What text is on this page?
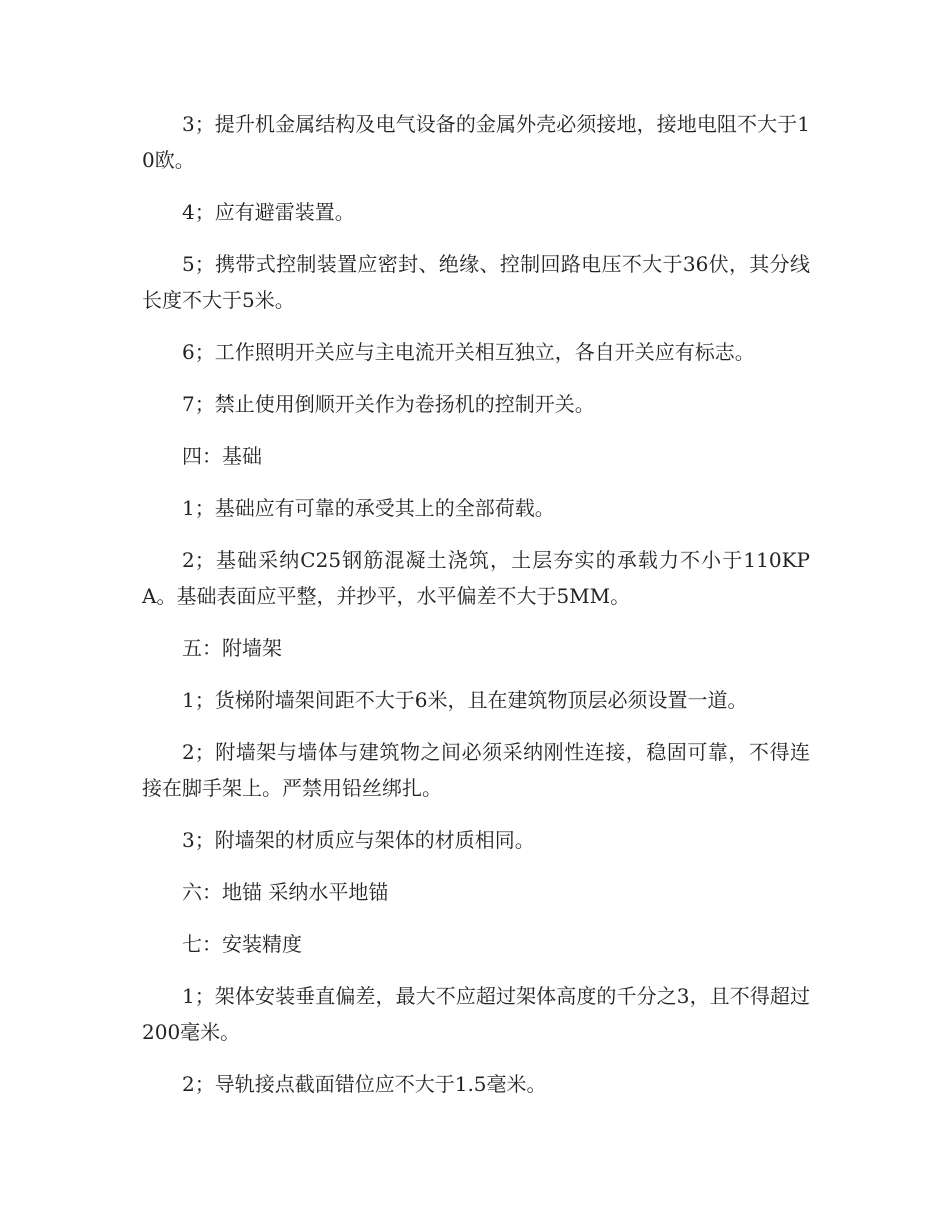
3；提升机金属结构及电气设备的金属外壳必须接地，接地电阻不大于10欧。

4；应有避雷装置。

5；携带式控制装置应密封、绝缘、控制回路电压不大于36伏，其分线长度不大于5米。

6；工作照明开关应与主电流开关相互独立，各自开关应有标志。

7；禁止使用倒顺开关作为卷扬机的控制开关。

四：基础

1；基础应有可靠的承受其上的全部荷载。

2；基础采纳C25钢筋混凝土浇筑，土层夯实的承载力不小于110KPA。基础表面应平整，并抄平，水平偏差不大于5MM。

五：附墙架

1；货梯附墙架间距不大于6米，且在建筑物顶层必须设置一道。

2；附墙架与墙体与建筑物之间必须采纳刚性连接，稳固可靠，不得连接在脚手架上。严禁用铅丝绑扎。

3；附墙架的材质应与架体的材质相同。

六：地锚 采纳水平地锚

七：安装精度

1；架体安装垂直偏差，最大不应超过架体高度的千分之3，且不得超过200毫米。

2；导轨接点截面错位应不大于1.5毫米。
